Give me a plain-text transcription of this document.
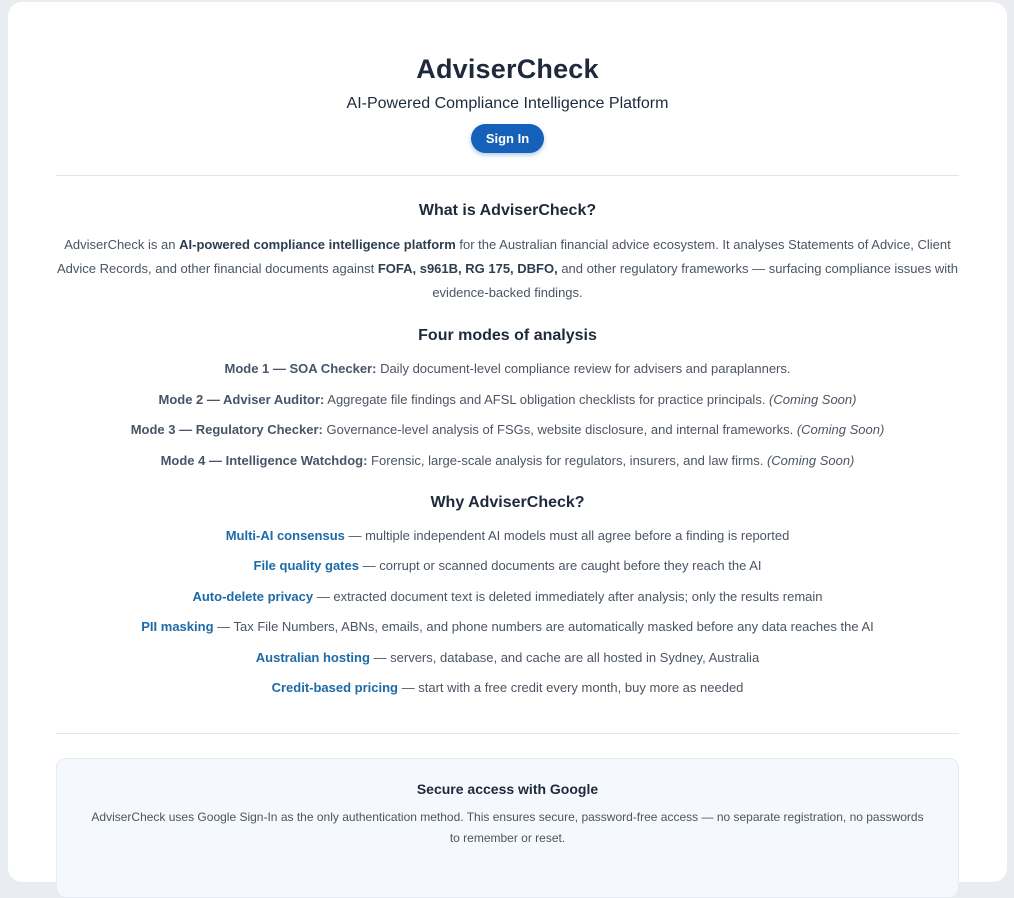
AdviserCheck

AI-Powered Compliance Intelligence Platform

Sign In
What is AdviserCheck?

AdviserCheck is an AI-powered compliance intelligence platform for the Australian financial advice ecosystem. It analyses Statements of Advice, Client Advice Records, and other financial documents against FOFA, s961B, RG 175, DBFO, and other regulatory frameworks — surfacing compliance issues with evidence-backed findings.

Four modes of analysis
Mode 1 — SOA Checker: Daily document-level compliance review for advisers and paraplanners.
Mode 2 — Adviser Auditor: Aggregate file findings and AFSL obligation checklists for practice principals. (Coming Soon)
Mode 3 — Regulatory Checker: Governance-level analysis of FSGs, website disclosure, and internal frameworks. (Coming Soon)
Mode 4 — Intelligence Watchdog: Forensic, large-scale analysis for regulators, insurers, and law firms. (Coming Soon)
Why AdviserCheck?
Multi-AI consensus — multiple independent AI models must all agree before a finding is reported
File quality gates — corrupt or scanned documents are caught before they reach the AI
Auto-delete privacy — extracted document text is deleted immediately after analysis; only the results remain
PII masking — Tax File Numbers, ABNs, emails, and phone numbers are automatically masked before any data reaches the AI
Australian hosting — servers, database, and cache are all hosted in Sydney, Australia
Credit-based pricing — start with a free credit every month, buy more as needed
Secure access with Google

AdviserCheck uses Google Sign-In as the only authentication method. This ensures secure, password-free access — no separate registration, no passwords to remember or reset.
